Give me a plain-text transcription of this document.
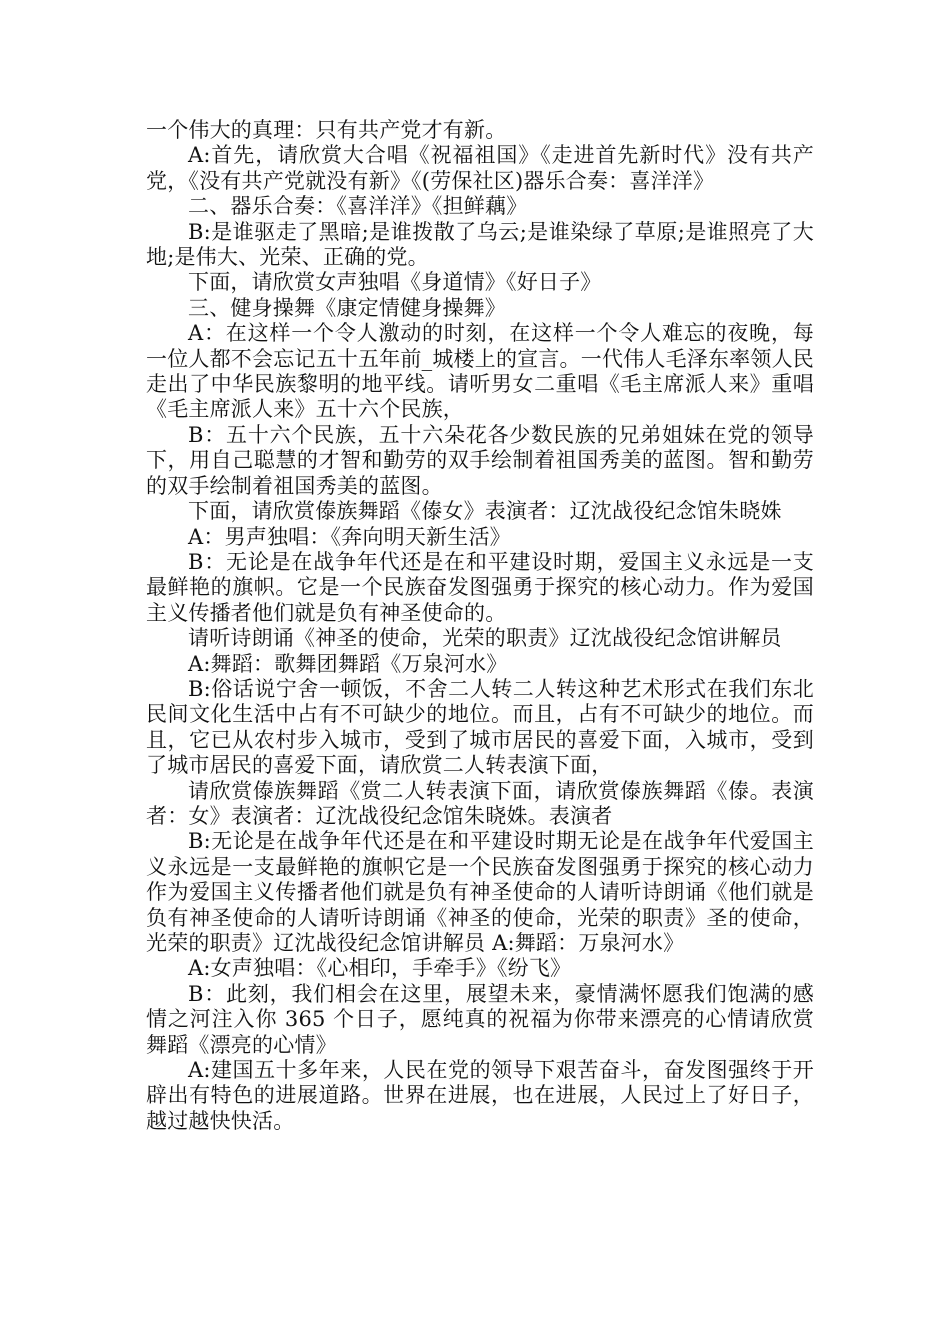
一个伟大的真理：只有共产党才有新。

A:首先，请欣赏大合唱《祝福祖国》《走进首先新时代》没有共产党，《没有共产党就没有新》《(劳保社区)器乐合奏：喜洋洋》

二、器乐合奏：《喜洋洋》《担鲜藕》

B:是谁驱走了黑暗;是谁拨散了乌云;是谁染绿了草原;是谁照亮了大地;是伟大、光荣、正确的党。

下面，请欣赏女声独唱《身道情》《好日子》

三、健身操舞《康定情健身操舞》

A：在这样一个令人激动的时刻，在这样一个令人难忘的夜晚，每一位人都不会忘记五十五年前_城楼上的宣言。一代伟人毛泽东率领人民走出了中华民族黎明的地平线。请听男女二重唱《毛主席派人来》重唱《毛主席派人来》五十六个民族，

B：五十六个民族，五十六朵花各少数民族的兄弟姐妹在党的领导下，用自己聪慧的才智和勤劳的双手绘制着祖国秀美的蓝图。智和勤劳的双手绘制着祖国秀美的蓝图。

下面，请欣赏傣族舞蹈《傣女》表演者：辽沈战役纪念馆朱晓姝

A：男声独唱：《奔向明天新生活》

B：无论是在战争年代还是在和平建设时期，爱国主义永远是一支最鲜艳的旗帜。它是一个民族奋发图强勇于探究的核心动力。作为爱国主义传播者他们就是负有神圣使命的。

请听诗朗诵《神圣的使命，光荣的职责》辽沈战役纪念馆讲解员

A:舞蹈：歌舞团舞蹈《万泉河水》

B:俗话说宁舍一顿饭，不舍二人转二人转这种艺术形式在我们东北民间文化生活中占有不可缺少的地位。而且，占有不可缺少的地位。而且，它已从农村步入城市，受到了城市居民的喜爱下面，入城市，受到了城市居民的喜爱下面，请欣赏二人转表演下面，

请欣赏傣族舞蹈《赏二人转表演下面，请欣赏傣族舞蹈《傣。表演者：女》表演者：辽沈战役纪念馆朱晓姝。表演者

B:无论是在战争年代还是在和平建设时期无论是在战争年代爱国主义永远是一支最鲜艳的旗帜它是一个民族奋发图强勇于探究的核心动力作为爱国主义传播者他们就是负有神圣使命的人请听诗朗诵《他们就是负有神圣使命的人请听诗朗诵《神圣的使命，光荣的职责》圣的使命，光荣的职责》辽沈战役纪念馆讲解员 A:舞蹈：万泉河水》

A:女声独唱：《心相印，手牵手》《纷飞》

B：此刻，我们相会在这里，展望未来，豪情满怀愿我们饱满的感情之河注入你 365 个日子，愿纯真的祝福为你带来漂亮的心情请欣赏舞蹈《漂亮的心情》

A:建国五十多年来，人民在党的领导下艰苦奋斗，奋发图强终于开辟出有特色的进展道路。世界在进展，也在进展，人民过上了好日子，越过越快快活。
